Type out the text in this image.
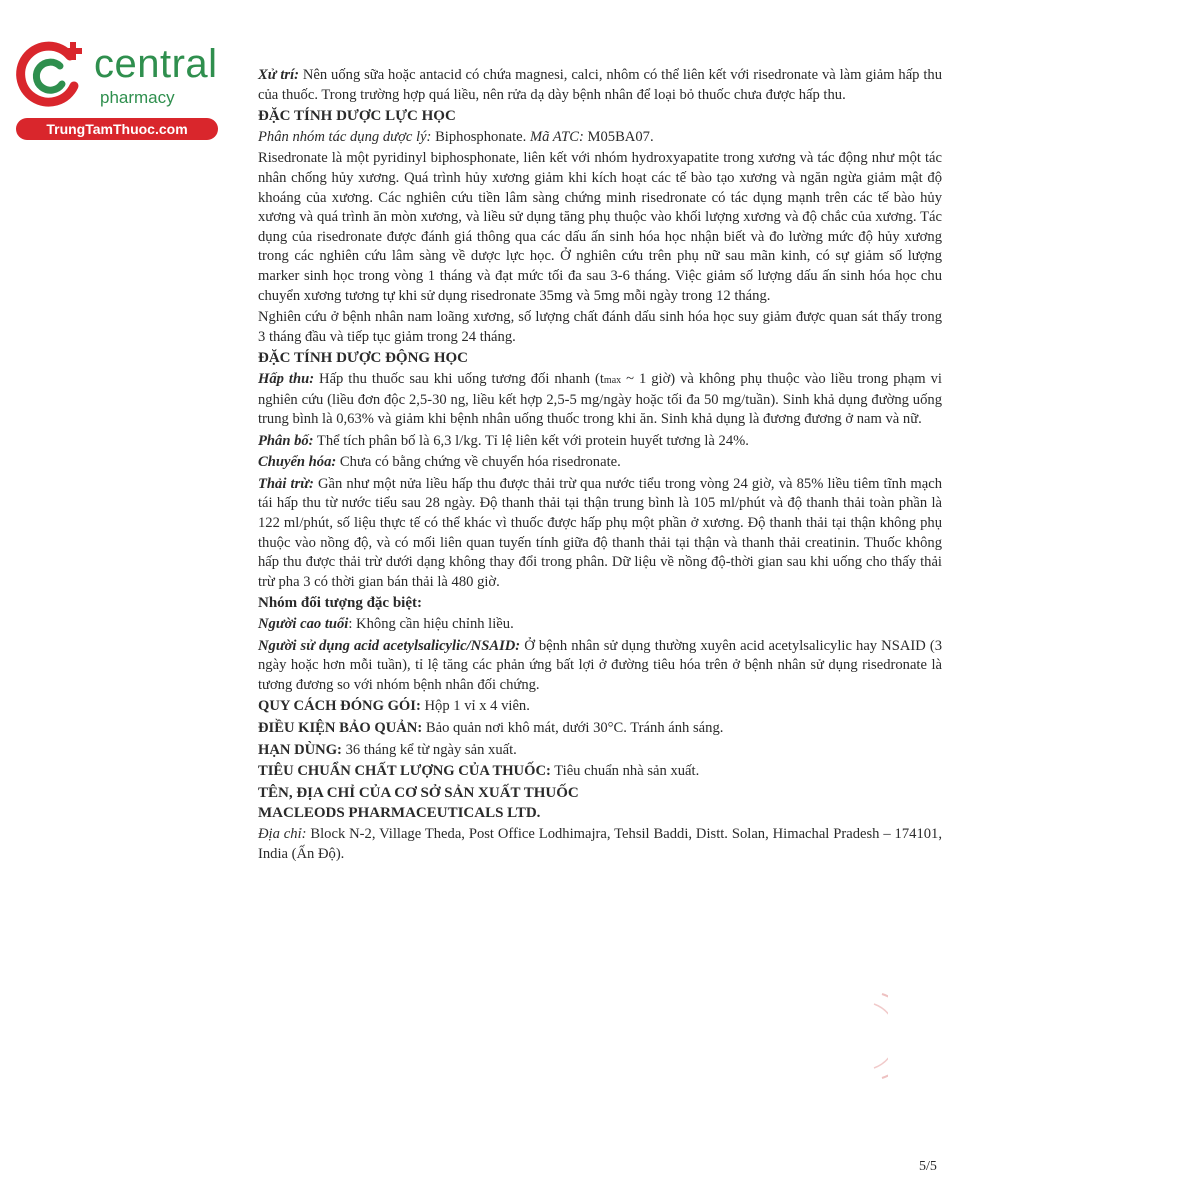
central
pharmacy
TrungTamThuoc.com

Xử trí: Nên uống sữa hoặc antacid có chứa magnesi, calci, nhôm có thể liên kết với risedronate và làm giảm hấp thu của thuốc. Trong trường hợp quá liều, nên rửa dạ dày bệnh nhân để loại bỏ thuốc chưa được hấp thu.

ĐẶC TÍNH DƯỢC LỰC HỌC

Phân nhóm tác dụng dược lý: Biphosphonate. Mã ATC: M05BA07.

Risedronate là một pyridinyl biphosphonate, liên kết với nhóm hydroxyapatite trong xương và tác động như một tác nhân chống hủy xương. Quá trình hủy xương giảm khi kích hoạt các tế bào tạo xương và ngăn ngừa giảm mật độ khoáng của xương. Các nghiên cứu tiền lâm sàng chứng minh risedronate có tác dụng mạnh trên các tế bào hủy xương và quá trình ăn mòn xương, và liều sử dụng tăng phụ thuộc vào khối lượng xương và độ chắc của xương. Tác dụng của risedronate được đánh giá thông qua các dấu ấn sinh hóa học nhận biết và đo lường mức độ hủy xương trong các nghiên cứu lâm sàng về dược lực học. Ở nghiên cứu trên phụ nữ sau mãn kinh, có sự giảm số lượng marker sinh học trong vòng 1 tháng và đạt mức tối đa sau 3-6 tháng. Việc giảm số lượng dấu ấn sinh hóa học chu chuyển xương tương tự khi sử dụng risedronate 35mg và 5mg mỗi ngày trong 12 tháng.

Nghiên cứu ở bệnh nhân nam loãng xương, số lượng chất đánh dấu sinh hóa học suy giảm được quan sát thấy trong 3 tháng đầu và tiếp tục giảm trong 24 tháng.

ĐẶC TÍNH DƯỢC ĐỘNG HỌC

Hấp thu: Hấp thu thuốc sau khi uống tương đối nhanh (tmax ~ 1 giờ) và không phụ thuộc vào liều trong phạm vi nghiên cứu (liều đơn độc 2,5-30 ng, liều kết hợp 2,5-5 mg/ngày hoặc tối đa 50 mg/tuần). Sinh khả dụng đường uống trung bình là 0,63% và giảm khi bệnh nhân uống thuốc trong khi ăn. Sinh khả dụng là đương đương ở nam và nữ.

Phân bố: Thể tích phân bố là 6,3 l/kg. Tỉ lệ liên kết với protein huyết tương là 24%.

Chuyển hóa: Chưa có bằng chứng về chuyển hóa risedronate.

Thải trừ: Gần như một nửa liều hấp thu được thải trừ qua nước tiểu trong vòng 24 giờ, và 85% liều tiêm tĩnh mạch tái hấp thu từ nước tiểu sau 28 ngày. Độ thanh thải tại thận trung bình là 105 ml/phút và độ thanh thải toàn phần là 122 ml/phút, số liệu thực tế có thể khác vì thuốc được hấp phụ một phần ở xương. Độ thanh thải tại thận không phụ thuộc vào nồng độ, và có mối liên quan tuyến tính giữa độ thanh thải tại thận và thanh thải creatinin. Thuốc không hấp thu được thải trừ dưới dạng không thay đổi trong phân. Dữ liệu về nồng độ-thời gian sau khi uống cho thấy thải trừ pha 3 có thời gian bán thải là 480 giờ.

Nhóm đối tượng đặc biệt:

Người cao tuổi: Không cần hiệu chỉnh liều.

Người sử dụng acid acetylsalicylic/NSAID: Ở bệnh nhân sử dụng thường xuyên acid acetylsalicylic hay NSAID (3 ngày hoặc hơn mỗi tuần), tỉ lệ tăng các phản ứng bất lợi ở đường tiêu hóa trên ở bệnh nhân sử dụng risedronate là tương đương so với nhóm bệnh nhân đối chứng.

QUY CÁCH ĐÓNG GÓI: Hộp 1 vỉ x 4 viên.

ĐIỀU KIỆN BẢO QUẢN: Bảo quản nơi khô mát, dưới 30°C. Tránh ánh sáng.

HẠN DÙNG: 36 tháng kể từ ngày sản xuất.

TIÊU CHUẨN CHẤT LƯỢNG CỦA THUỐC: Tiêu chuẩn nhà sản xuất.

TÊN, ĐỊA CHỈ CỦA CƠ SỞ SẢN XUẤT THUỐC
MACLEODS PHARMACEUTICALS LTD.

Địa chỉ: Block N-2, Village Theda, Post Office Lodhimajra, Tehsil Baddi, Distt. Solan, Himachal Pradesh – 174101, India (Ấn Độ).

5/5
